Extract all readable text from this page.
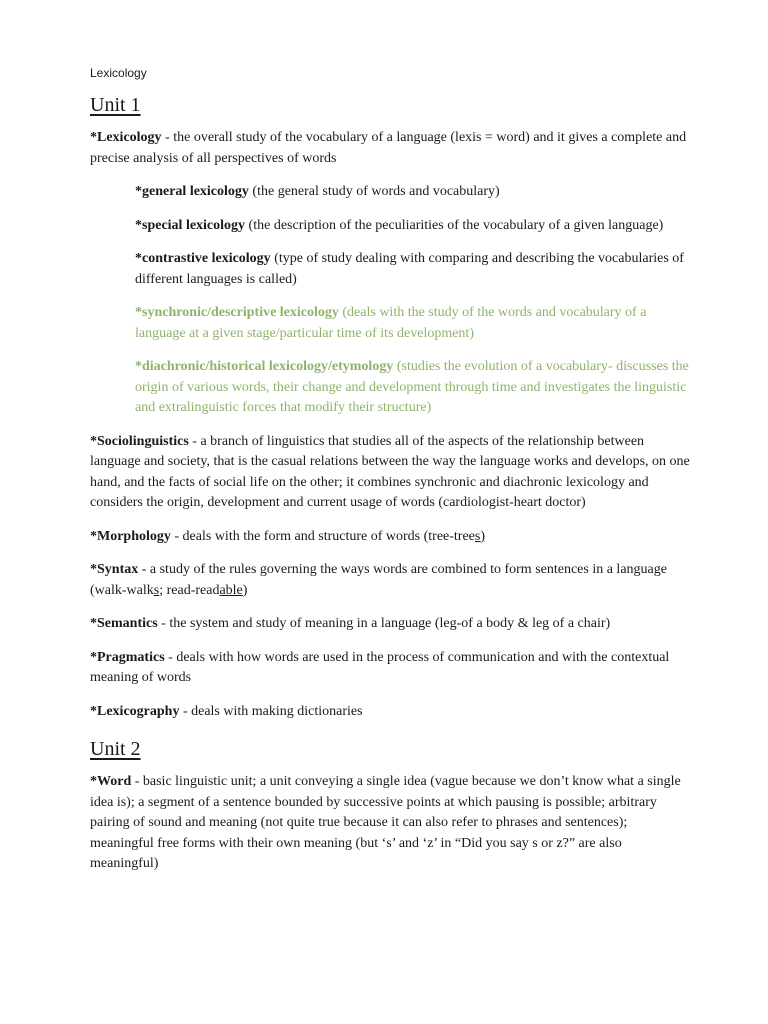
Lexicology
Unit 1

*Lexicology - the overall study of the vocabulary of a language (lexis = word) and it gives a complete and precise analysis of all perspectives of words

*general lexicology (the general study of words and vocabulary)

*special lexicology (the description of the peculiarities of the vocabulary of a given language)

*contrastive lexicology (type of study dealing with comparing and describing the vocabularies of different languages is called)

*synchronic/descriptive lexicology (deals with the study of the words and vocabulary of a language at a given stage/particular time of its development)

*diachronic/historical lexicology/etymology (studies the evolution of a vocabulary- discusses the origin of various words, their change and development through time and investigates the linguistic and extralinguistic forces that modify their structure)

*Sociolinguistics - a branch of linguistics that studies all of the aspects of the relationship between language and society, that is the casual relations between the way the language works and develops, on one hand, and the facts of social life on the other; it combines synchronic and diachronic lexicology and considers the origin, development and current usage of words (cardiologist-heart doctor)

*Morphology - deals with the form and structure of words (tree-trees)

*Syntax - a study of the rules governing the ways words are combined to form sentences in a language (walk-walks; read-readable)

*Semantics - the system and study of meaning in a language (leg-of a body & leg of a chair)

*Pragmatics - deals with how words are used in the process of communication and with the contextual meaning of words

*Lexicography - deals with making dictionaries

Unit 2

*Word - basic linguistic unit; a unit conveying a single idea (vague because we don’t know what a single idea is); a segment of a sentence bounded by successive points at which pausing is possible; arbitrary pairing of sound and meaning (not quite true because it can also refer to phrases and sentences); meaningful free forms with their own meaning (but ‘s’ and ‘z’ in “Did you say s or z?” are also meaningful)
